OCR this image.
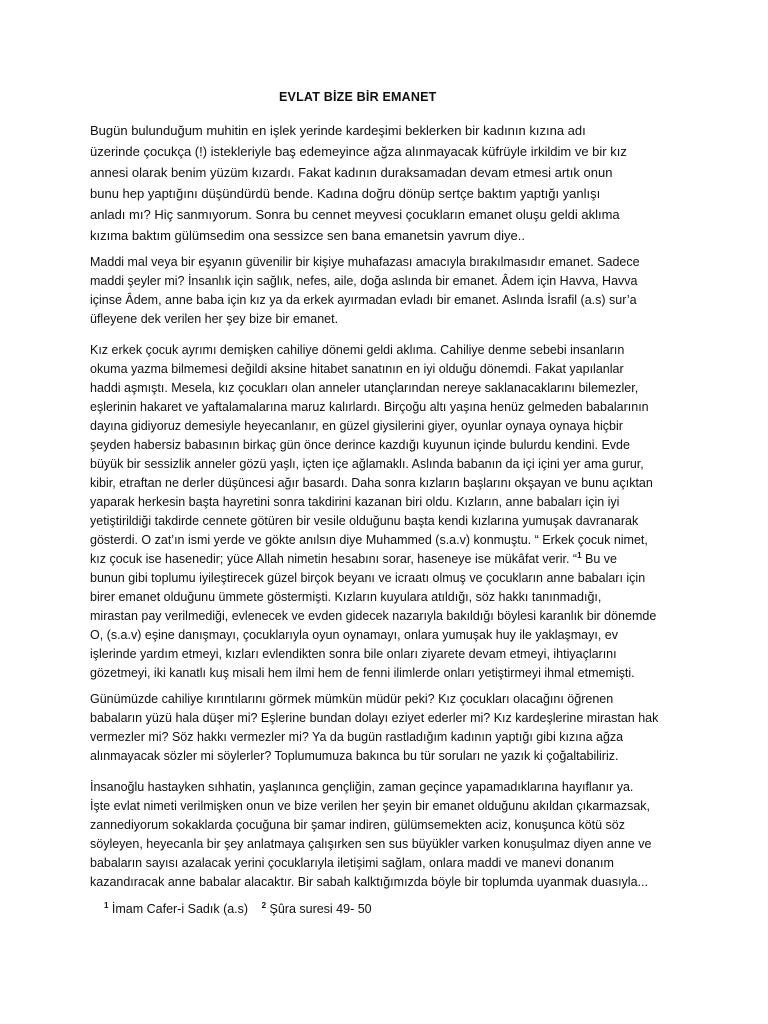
EVLAT BİZE BİR EMANET
Bugün bulunduğum muhitin en işlek yerinde kardeşimi beklerken bir kadının kızına adı
üzerinde çocukça (!) istekleriyle baş edemeyince ağza alınmayacak küfrüyle irkildim ve bir kız
annesi olarak benim yüzüm kızardı. Fakat kadının duraksamadan devam etmesi artık onun
bunu hep yaptığını düşündürdü bende. Kadına doğru dönüp sertçe baktım yaptığı yanlışı
anladı mı? Hiç sanmıyorum. Sonra bu cennet meyvesi çocukların emanet oluşu geldi aklıma
kızıma baktım gülümsedim ona sessizce sen bana emanetsin yavrum diye..
Maddi mal veya bir eşyanın güvenilir bir kişiye muhafazası amacıyla bırakılmasıdır emanet. Sadece
maddi şeyler mi? İnsanlık için sağlık, nefes, aile, doğa aslında bir emanet. Âdem için Havva, Havva
içinse Âdem, anne baba için kız ya da erkek ayırmadan evladı bir emanet. Aslında İsrafil (a.s) sur’a
üfleyene dek verilen her şey bize bir emanet.
Kız erkek çocuk ayrımı demişken cahiliye dönemi geldi aklıma. Cahiliye denme sebebi insanların
okuma yazma bilmemesi değildi aksine hitabet sanatının en iyi olduğu dönemdi. Fakat yapılanlar
haddi aşmıştı. Mesela, kız çocukları olan anneler utançlarından nereye saklanacaklarını bilemezler,
eşlerinin hakaret ve yaftalamalarına maruz kalırlardı. Birçoğu altı yaşına henüz gelmeden babalarının
dayına gidiyoruz demesiyle heyecanlanır, en güzel giysilerini giyer, oyunlar oynaya oynaya hiçbir
şeyden habersiz babasının birkaç gün önce derince kazdığı kuyunun içinde bulurdu kendini. Evde
büyük bir sessizlik anneler gözü yaşlı, içten içe ağlamaklı. Aslında babanın da içi içini yer ama gurur,
kibir, etraftan ne derler düşüncesi ağır basardı. Daha sonra kızların başlarını okşayan ve bunu açıktan
yaparak herkesin başta hayretini sonra takdirini kazanan biri oldu. Kızların, anne babaları için iyi
yetiştirildiği takdirde cennete götüren bir vesile olduğunu başta kendi kızlarına yumuşak davranarak
gösterdi. O zat’ın ismi yerde ve gökte anılsın diye Muhammed (s.a.v) konmuştu. “ Erkek çocuk nimet,
kız çocuk ise hasenedir; yüce Allah nimetin hesabını sorar, haseneye ise mükâfat verir. “$^1$ Bu ve
bunun gibi toplumu iyileştirecek güzel birçok beyanı ve icraatı olmuş ve çocukların anne babaları için
birer emanet olduğunu ümmete göstermişti. Kızların kuyulara atıldığı, söz hakkı tanınmadığı,
mirastan pay verilmediği, evlenecek ve evden gidecek nazarıyla bakıldığı böylesi karanlık bir dönemde
O, (s.a.v) eşine danışmayı, çocuklarıyla oyun oynamayı, onlara yumuşak huy ile yaklaşmayı, ev
işlerinde yardım etmeyi, kızları evlendikten sonra bile onları ziyarete devam etmeyi, ihtiyaçlarını
gözetmeyi, iki kanatlı kuş misali hem ilmi hem de fenni ilimlerde onları yetiştirmeyi ihmal etmemişti.
Günümüzde cahiliye kırıntılarını görmek mümkün müdür peki? Kız çocukları olacağını öğrenen
babaların yüzü hala düşer mi? Eşlerine bundan dolayı eziyet ederler mi? Kız kardeşlerine mirastan hak
vermezler mi? Söz hakkı vermezler mi? Ya da bugün rastladığım kadının yaptığı gibi kızına ağza
alınmayacak sözler mi söylerler? Toplumumuza bakınca bu tür soruları ne yazık ki çoğaltabiliriz.
İnsanoğlu hastayken sıhhatin, yaşlanınca gençliğin, zaman geçince yapamadıklarına hayıflanır ya.
İşte evlat nimeti verilmişken onun ve bize verilen her şeyin bir emanet olduğunu akıldan çıkarmazsak,
zannediyorum sokaklarda çocuğuna bir şamar indiren, gülümsemekten aciz, konuşunca kötü söz
söyleyen, heyecanla bir şey anlatmaya çalışırken sen sus büyükler varken konuşulmaz diyen anne ve
babaların sayısı azalacak yerini çocuklarıyla iletişimi sağlam, onlara maddi ve manevi donanım
kazandıracak anne babalar alacaktır. Bir sabah kalktığımızda böyle bir toplumda uyanmak duasıyla...
$^1$ İmam Cafer-i Sadık (a.s) $^2$ Şûra suresi 49- 50
